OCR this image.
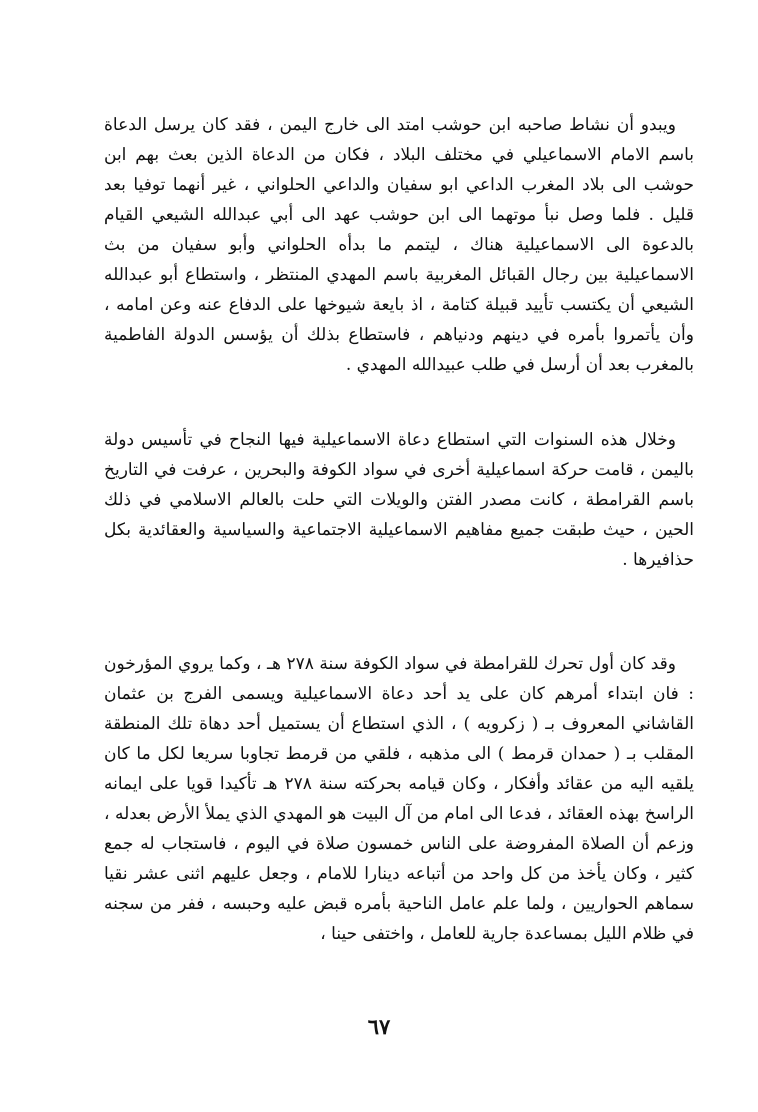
ويبدو أن نشاط صاحبه ابن حوشب امتد الى خارج اليمن ، فقد كان يرسل الدعاة باسم الامام الاسماعيلي في مختلف البلاد ، فكان من الدعاة الذين بعث بهم ابن حوشب الى بلاد المغرب الداعي ابو سفيان والداعي الحلواني ، غير أنهما توفيا بعد قليل . فلما وصل نبأ موتهما الى ابن حوشب عهد الى أبي عبدالله الشيعي القيام بالدعوة الى الاسماعيلية هناك ، ليتمم ما بدأه الحلواني وأبو سفيان من بث الاسماعيلية بين رجال القبائل المغربية باسم المهدي المنتظر ، واستطاع أبو عبدالله الشيعي أن يكتسب تأييد قبيلة كتامة ، اذ بايعة شيوخها على الدفاع عنه وعن امامه ، وأن يأتمروا بأمره في دينهم ودنياهم ، فاستطاع بذلك أن يؤسس الدولة الفاطمية بالمغرب بعد أن أرسل في طلب عبيدالله المهدي .

وخلال هذه السنوات التي استطاع دعاة الاسماعيلية فيها النجاح في تأسيس دولة باليمن ، قامت حركة اسماعيلية أخرى في سواد الكوفة والبحرين ، عرفت في التاريخ باسم القرامطة ، كانت مصدر الفتن والويلات التي حلت بالعالم الاسلامي في ذلك الحين ، حيث طبقت جميع مفاهيم الاسماعيلية الاجتماعية والسياسية والعقائدية بكل حذافيرها .

وقد كان أول تحرك للقرامطة في سواد الكوفة سنة ٢٧٨ هـ ، وكما يروي المؤرخون : فان ابتداء أمرهم كان على يد أحد دعاة الاسماعيلية ويسمى الفرج بن عثمان القاشاني المعروف بـ ( زكرويه ) ، الذي استطاع أن يستميل أحد دهاة تلك المنطقة المقلب بـ ( حمدان قرمط ) الى مذهبه ، فلقي من قرمط تجاوبا سريعا لكل ما كان يلقيه اليه من عقائد وأفكار ، وكان قيامه بحركته سنة ٢٧٨ هـ تأكيدا قويا على ايمانه الراسخ بهذه العقائد ، فدعا الى امام من آل البيت هو المهدي الذي يملأ الأرض بعدله ، وزعم أن الصلاة المفروضة على الناس خمسون صلاة في اليوم ، فاستجاب له جمع كثير ، وكان يأخذ من كل واحد من أتباعه دينارا للامام ، وجعل عليهم اثنى عشر نقيا سماهم الحواريين ، ولما علم عامل الناحية بأمره قبض عليه وحبسه ، ففر من سجنه في ظلام الليل بمساعدة جارية للعامل ، واختفى حينا ،

٦٧
